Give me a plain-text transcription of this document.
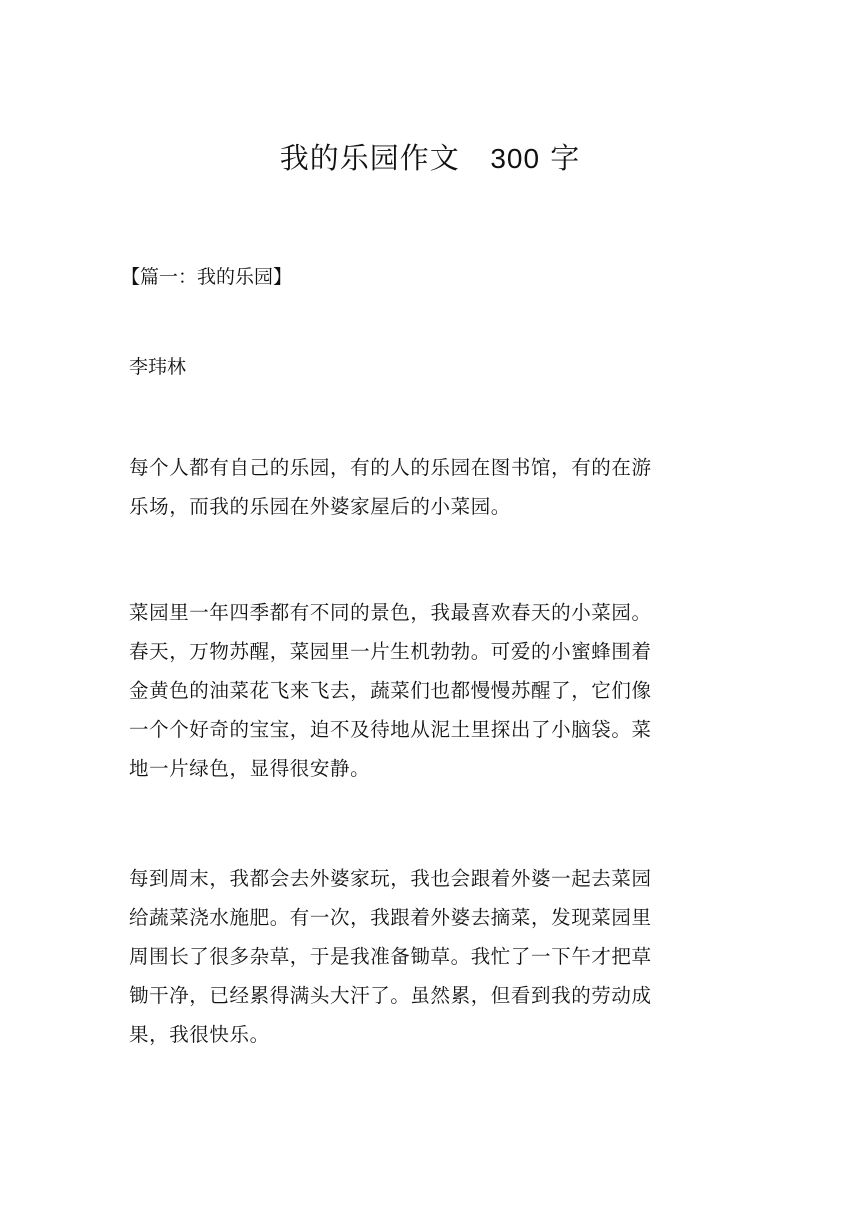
我的乐园作文 300 字
【篇一：我的乐园】
李玮林
每个人都有自己的乐园，有的人的乐园在图书馆，有的在游
乐场，而我的乐园在外婆家屋后的小菜园。
菜园里一年四季都有不同的景色，我最喜欢春天的小菜园。
春天，万物苏醒，菜园里一片生机勃勃。可爱的小蜜蜂围着
金黄色的油菜花飞来飞去，蔬菜们也都慢慢苏醒了，它们像
一个个好奇的宝宝，迫不及待地从泥土里探出了小脑袋。菜
地一片绿色，显得很安静。
每到周末，我都会去外婆家玩，我也会跟着外婆一起去菜园
给蔬菜浇水施肥。有一次，我跟着外婆去摘菜，发现菜园里
周围长了很多杂草，于是我准备锄草。我忙了一下午才把草
锄干净，已经累得满头大汗了。虽然累，但看到我的劳动成
果，我很快乐。
